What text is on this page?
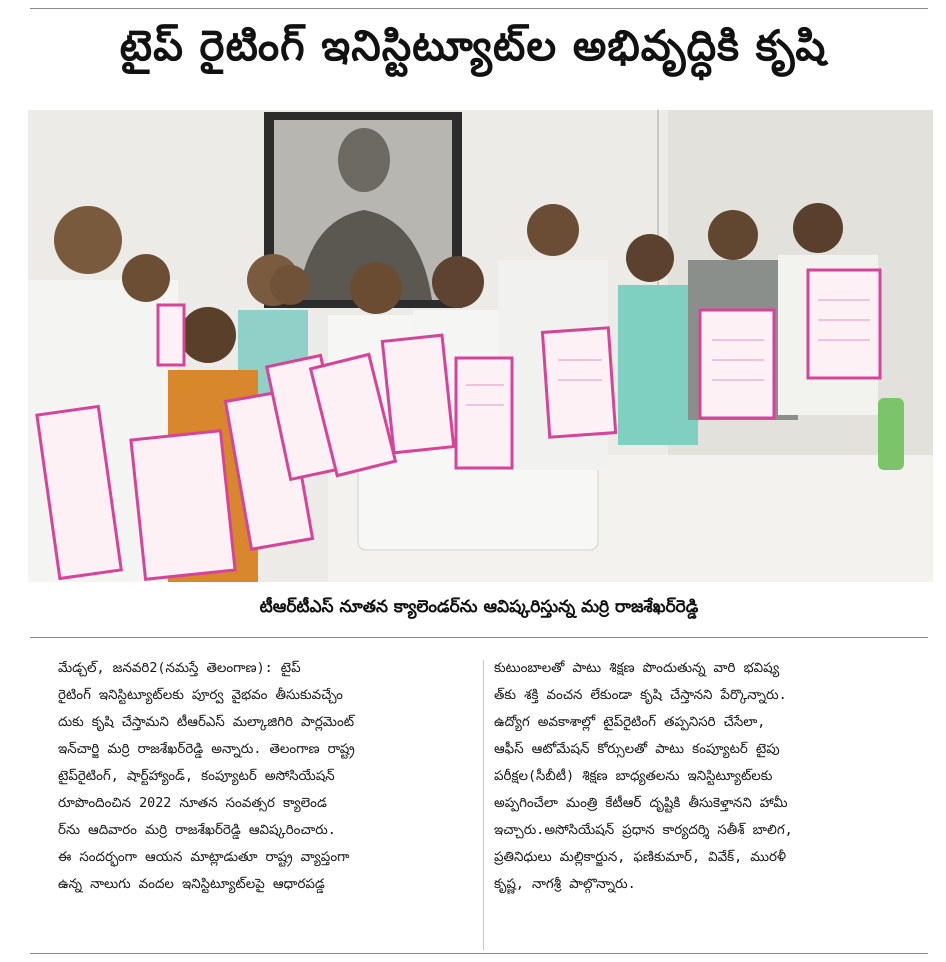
టైప్ రైటింగ్ ఇనిస్టిట్యూట్‌ల అభివృద్ధికి కృషి
టీఆర్‌టీఎస్ నూతన క్యాలెండర్‌ను ఆవిష్కరిస్తున్న మర్రి రాజశేఖర్‌రెడ్డి
మేడ్చల్, జనవరి2(నమస్తే తెలంగాణ): టైప్
రైటింగ్ ఇనిస్టిట్యూట్‌లకు పూర్వ వైభవం తీసుకువచ్చేం
దుకు కృషి చేస్తామని టీఆర్‌ఎస్ మల్కాజిగిరి పార్లమెంట్
ఇన్‌చార్జి మర్రి రాజశేఖర్‌రెడ్డి అన్నారు. తెలంగాణ రాష్ట్ర
టైప్‌రైటింగ్, షార్ట్‌హ్యాండ్, కంప్యూటర్ అసోసియేషన్
రూపొందించిన 2022 నూతన సంవత్సర క్యాలెండ
ర్‌ను ఆదివారం మర్రి రాజశేఖర్‌రెడ్డి ఆవిష్కరించారు.
ఈ సందర్భంగా ఆయన మాట్లాడుతూ రాష్ట్ర వ్యాప్తంగా
ఉన్న నాలుగు వందల ఇనిస్టిట్యూట్‌లపై ఆధారపడ్డ
కుటుంబాలతో పాటు శిక్షణ పొందుతున్న వారి భవిష్య
త్‌కు శక్తి వంచన లేకుండా కృషి చేస్తానని పేర్కొన్నారు.
ఉద్యోగ అవకాశాల్లో టైప్‌రైటింగ్ తప్పనిసరి చేసేలా,
ఆఫీస్ ఆటోమేషన్ కోర్సులతో పాటు కంప్యూటర్ టైపు
పరీక్షల(సీబీటీ) శిక్షణ బాధ్యతలను ఇనిస్టిట్యూట్‌లకు
అప్పగించేలా మంత్రి కేటీఆర్ దృష్టికి తీసుకెళ్తానని హామీ
ఇచ్చారు.అసోసియేషన్ ప్రధాన కార్యదర్శి సతీశ్ బాలిగ,
ప్రతినిధులు మల్లికార్జున, ఫణికుమార్, వివేక్, మురళీ
కృష్ణ, నాగశ్రీ పాల్గొన్నారు.
